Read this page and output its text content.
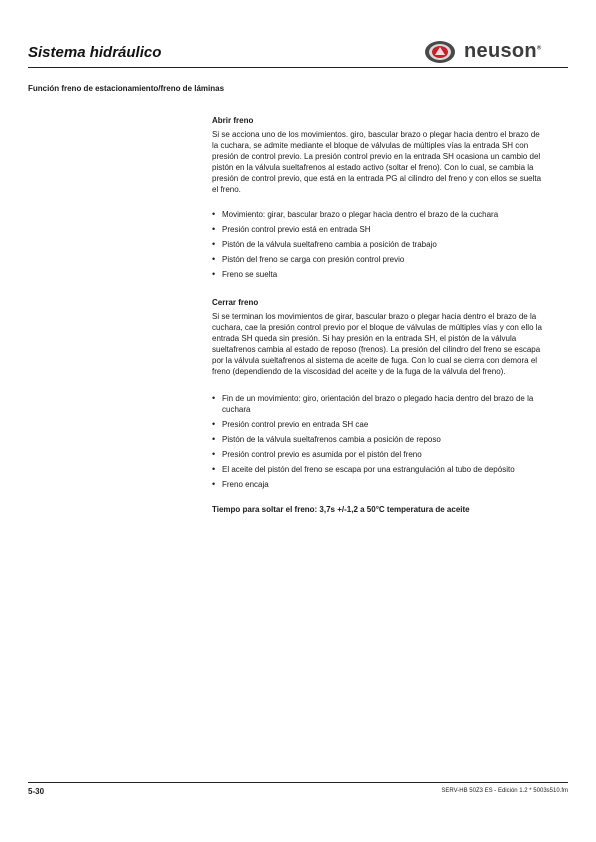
Sistema hidráulico	neuson®
Función freno de estacionamiento/freno de láminas

Abrir freno

Si se acciona uno de los movimientos. giro, bascular brazo o plegar hacia dentro el brazo de la cuchara, se admite mediante el bloque de válvulas de múltiples vías la entrada SH con presión de control previo. La presión control previo en la entrada SH ocasiona un cambio del pistón en la válvula sueltafrenos al estado activo (soltar el freno). Con lo cual, se cambia la presión de control previo, que está en la entrada PG al cilindro del freno y con ellos se suelta el freno.

• Movimiento: girar, bascular brazo o plegar hacia dentro el brazo de la cuchara
• Presión control previo está en entrada SH
• Pistón de la válvula sueltafreno cambia a posición de trabajo
• Pistón del freno se carga con presión control previo
• Freno se suelta

Cerrar freno

Si se terminan los movimientos de girar, bascular brazo o plegar hacia dentro el brazo de la cuchara, cae la presión control previo por el bloque de válvulas de múltiples vías y con ello la entrada SH queda sin presión. Si hay presión en la entrada SH, el pistón de la válvula sueltafrenos cambia al estado de reposo (frenos). La presión del cilindro del freno se escapa por la válvula sueltafrenos al sistema de aceite de fuga. Con lo cual se cierra con demora el freno (dependiendo de la viscosidad del aceite y de la fuga de la válvula del freno).

• Fin de un movimiento: giro, orientación del brazo o plegado hacia dentro del brazo de la cuchara
• Presión control previo en entrada SH cae
• Pistón de la válvula sueltafrenos cambia a posición de reposo
• Presión control previo es asumida por el pistón del freno
• El aceite del pistón del freno se escapa por una estrangulación al tubo de depósito
• Freno encaja

Tiempo para soltar el freno: 3,7s +/-1,2 a 50°C temperatura de aceite

5-30	SERV-HB 50Z3 ES - Edición 1.2 * 5003s510.fm
